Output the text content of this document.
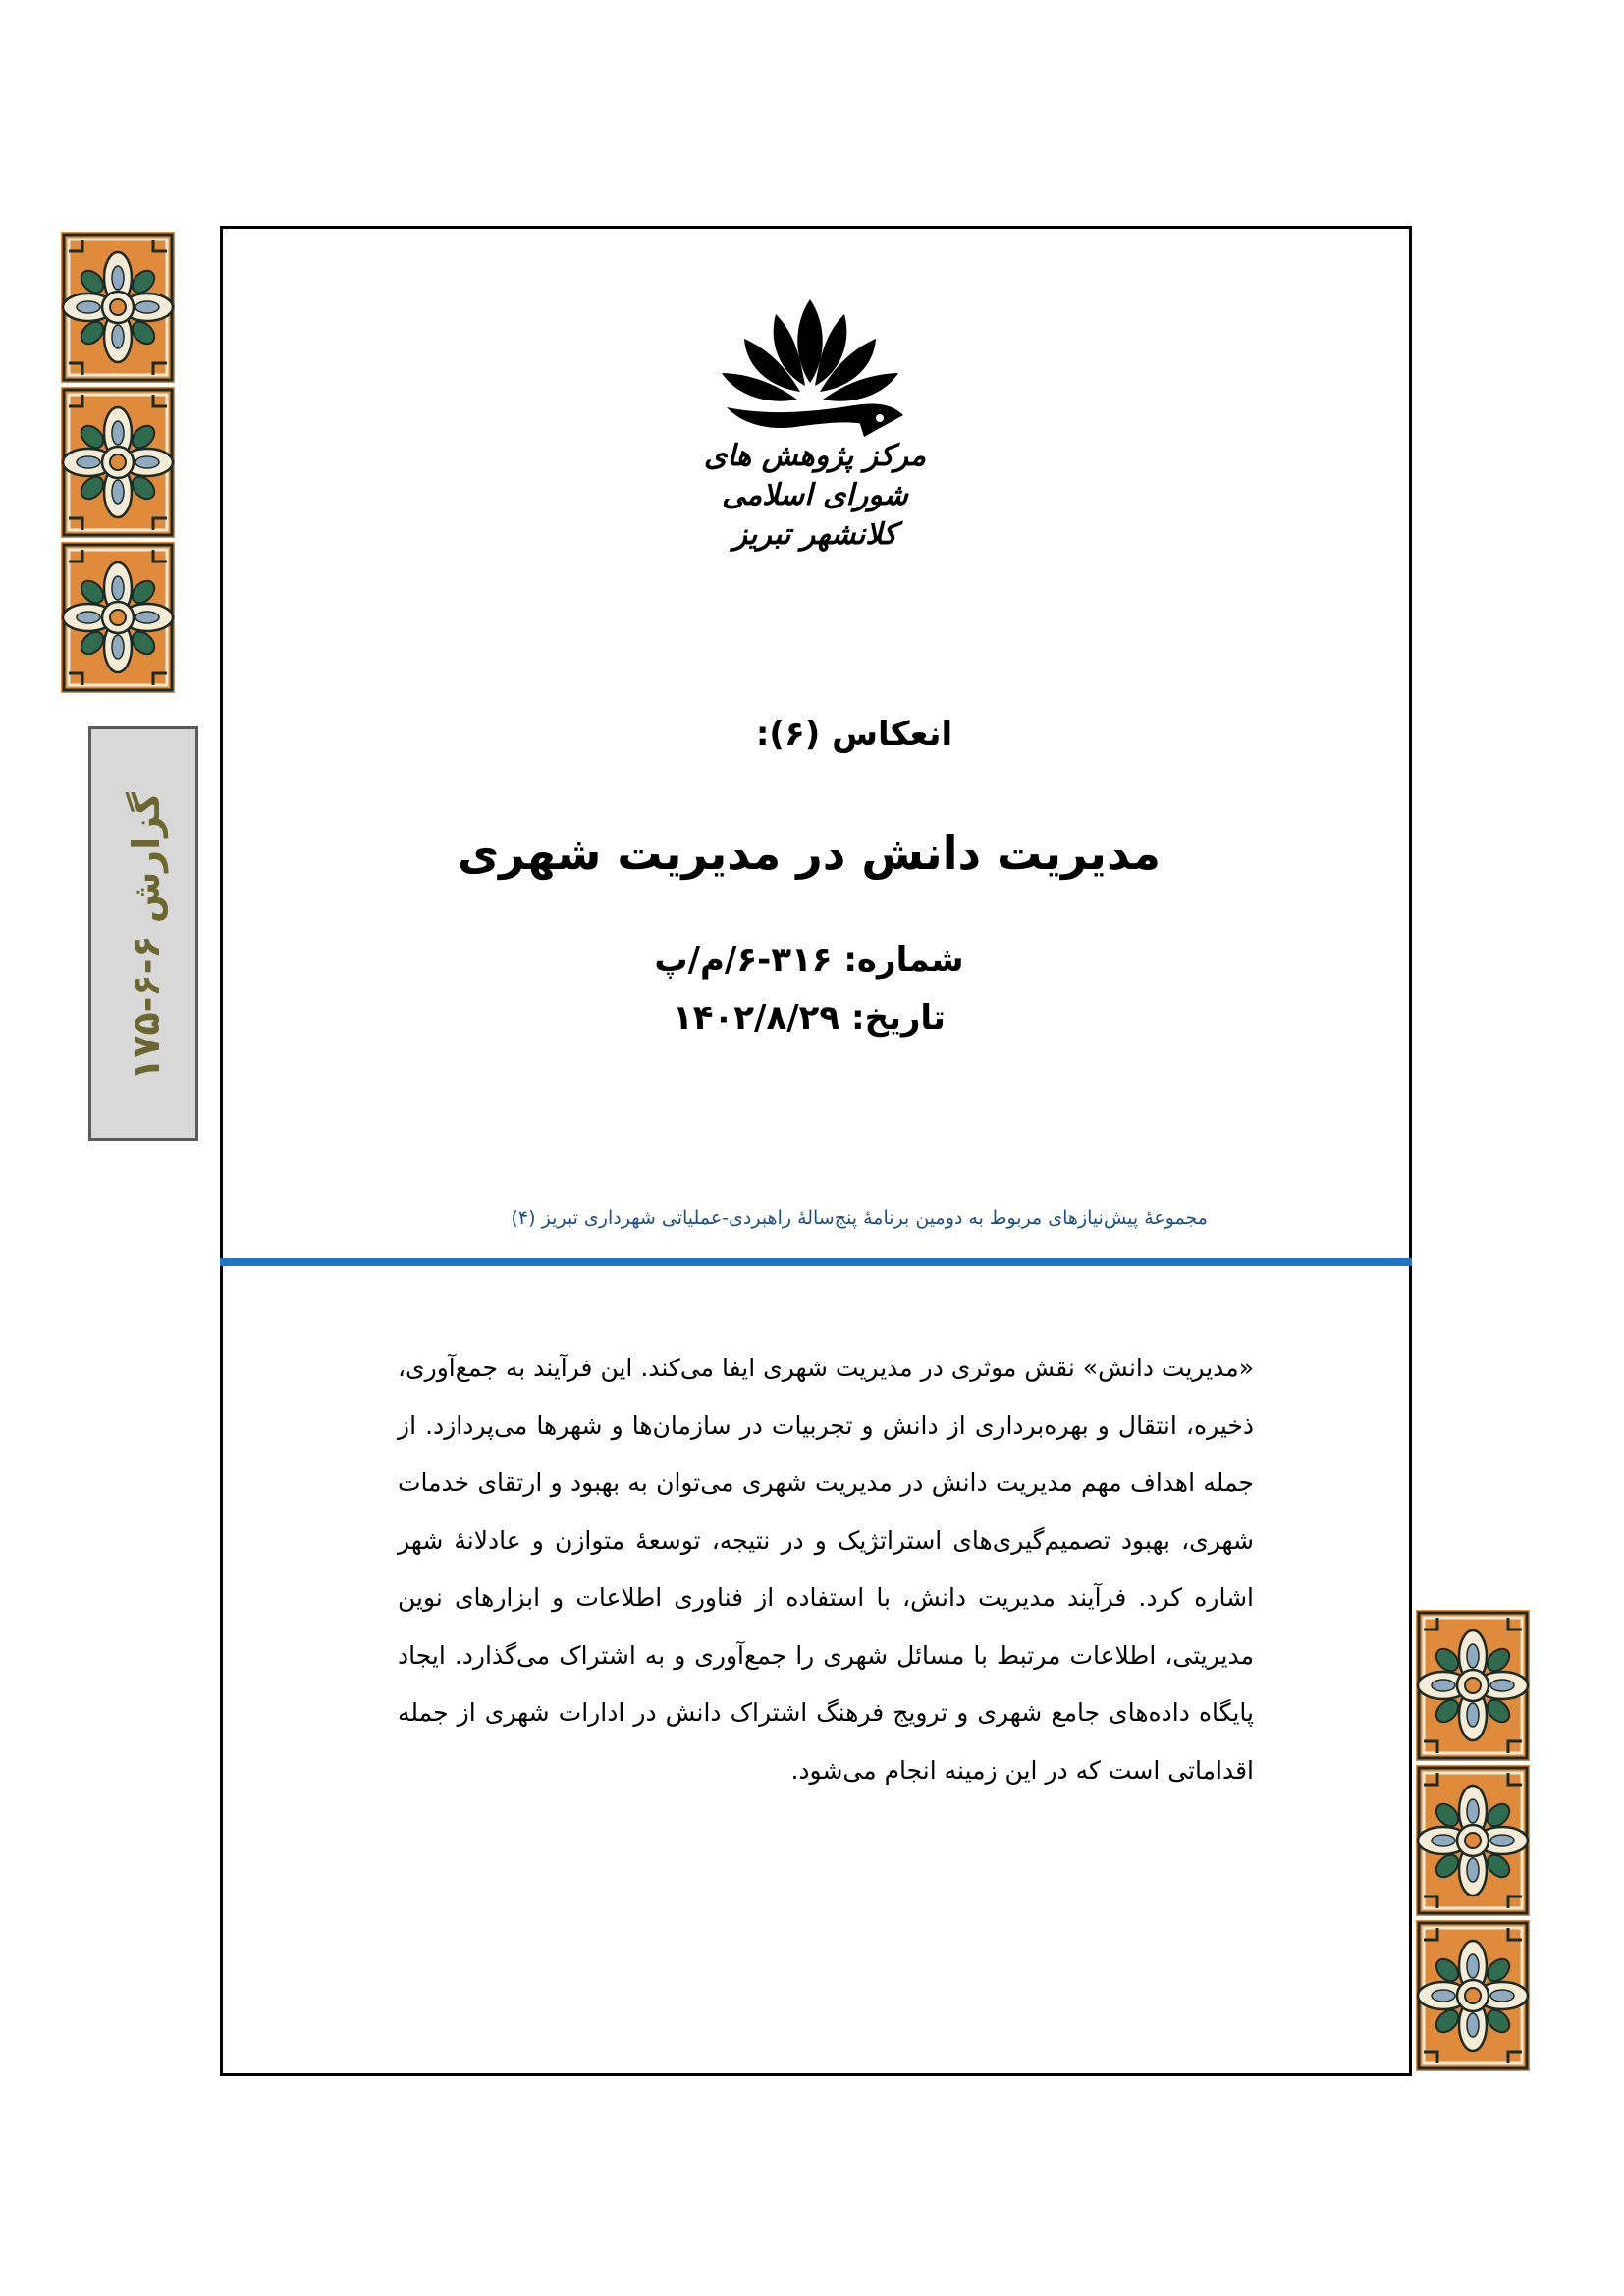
گزارش ۶-۶-۱۷۵
مرکز پژوهش های شورای اسلامی
کلانشهر تبریز
انعکاس (۶):
مدیریت دانش در مدیریت شهری
شماره: ۳۱۶-۶/م/پ
تاریخ: ۱۴۰۲/۸/۲۹
مجموعهٔ پیش‌نیازهای مربوط به دومین برنامهٔ پنج‌سالهٔ راهبردی-عملیاتی شهرداری تبریز (۴)
«مدیریت دانش» نقش موثری در مدیریت شهری ایفا می‌کند. این فرآیند به جمع‌آوری، ذخیره، انتقال و بهره‌برداری از دانش و تجربیات در سازمان‌ها و شهرها می‌پردازد. از جمله اهداف مهم مدیریت دانش در مدیریت شهری می‌توان به بهبود و ارتقای خدمات شهری، بهبود تصمیم‌گیری‌های استراتژیک و در نتیجه، توسعهٔ متوازن و عادلانهٔ شهر اشاره کرد. فرآیند مدیریت دانش، با استفاده از فناوری اطلاعات و ابزارهای نوین مدیریتی، اطلاعات مرتبط با مسائل شهری را جمع‌آوری و به اشتراک می‌گذارد. ایجاد پایگاه داده‌های جامع شهری و ترویج فرهنگ اشتراک دانش در ادارات شهری از جمله اقداماتی است که در این زمینه انجام می‌شود.
